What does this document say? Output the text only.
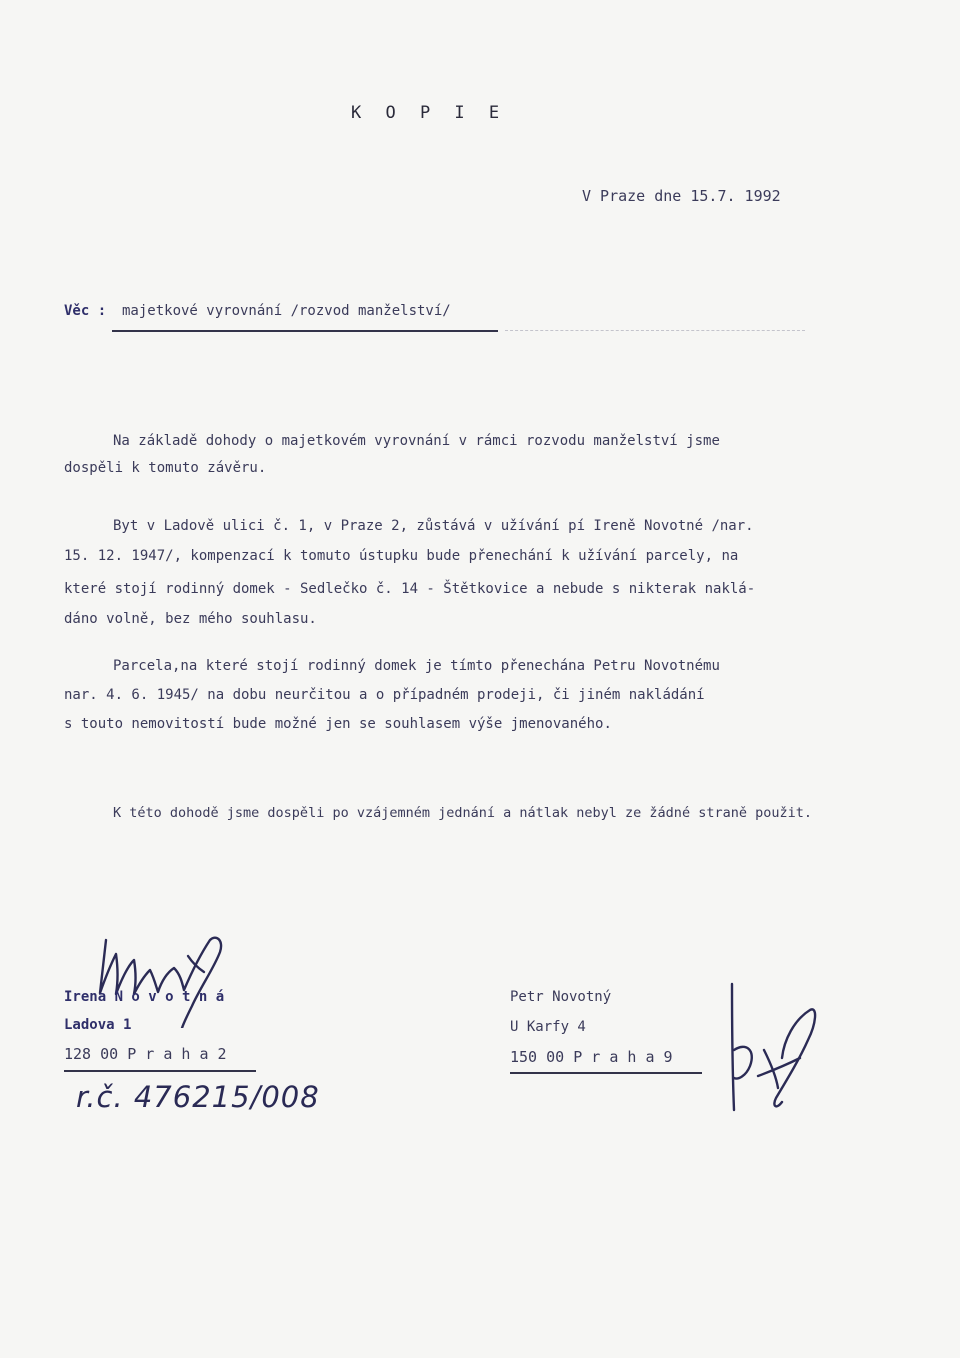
K O P I E
V Praze dne 15.7. 1992
Věc : majetkové vyrovnání /rozvod manželství/
Na základě dohody o majetkovém vyrovnání v rámci rozvodu manželství jsme
dospěli k tomuto závěru.
Byt v Ladově ulici č. 1, v Praze 2, zůstává v užívání pí Ireně Novotné /nar.
15. 12. 1947/, kompenzací k tomuto ústupku bude přenechání k užívání parcely, na
které stojí rodinný domek - Sedlečko č. 14 - Štětkovice a nebude s nikterak naklá-
dáno volně, bez mého souhlasu.
Parcela,na které stojí rodinný domek je tímto přenechána Petru Novotnému
nar. 4. 6. 1945/ na dobu neurčitou a o případném prodeji, či jiném nakládání
s touto nemovitostí bude možné jen se souhlasem výše jmenovaného.
K této dohodě jsme dospěli po vzájemném jednání a nátlak nebyl ze žádné straně použit.
Irena N o v o t n á
Ladova 1
128 00 P r a h a 2
r.č. 476215/008
Petr Novotný
U Karfy 4
150 00 P r a h a 9
